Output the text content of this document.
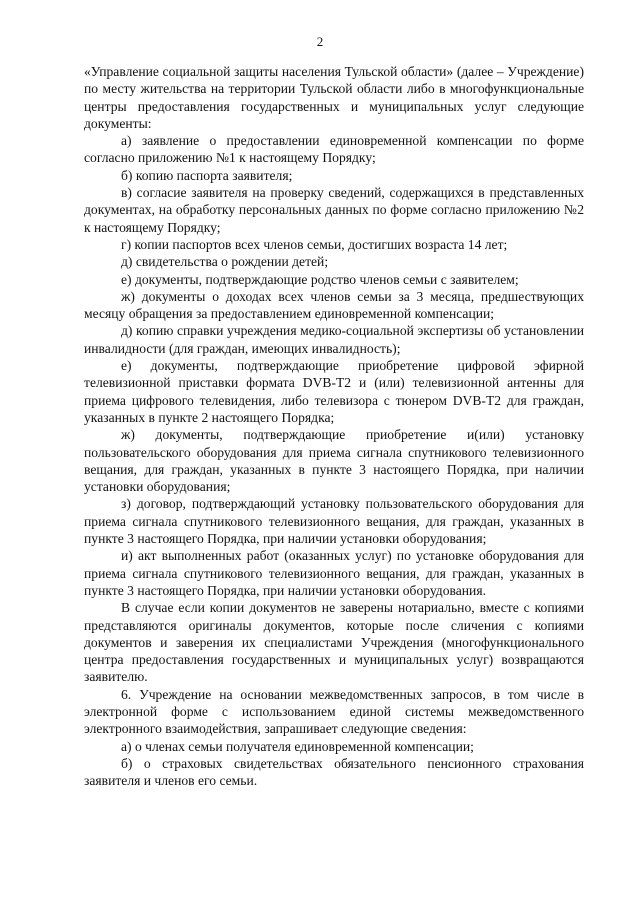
2

«Управление социальной защиты населения Тульской области» (далее – Учреждение) по месту жительства на территории Тульской области либо в многофункциональные центры предоставления государственных и муниципальных услуг следующие документы:

а) заявление о предоставлении единовременной компенсации по форме согласно приложению №1 к настоящему Порядку;

б) копию паспорта заявителя;

в) согласие заявителя на проверку сведений, содержащихся в представленных документах, на обработку персональных данных по форме согласно приложению №2 к настоящему Порядку;

г) копии паспортов всех членов семьи, достигших возраста 14 лет;

д) свидетельства о рождении детей;

е) документы, подтверждающие родство членов семьи с заявителем;

ж) документы о доходах всех членов семьи за 3 месяца, предшествующих месяцу обращения за предоставлением единовременной компенсации;

д) копию справки учреждения медико-социальной экспертизы об установлении инвалидности (для граждан, имеющих инвалидность);

е) документы, подтверждающие приобретение цифровой эфирной телевизионной приставки формата DVB-T2 и (или) телевизионной антенны для приема цифрового телевидения, либо телевизора с тюнером DVB-T2 для граждан, указанных в пункте 2 настоящего Порядка;

ж) документы, подтверждающие приобретение и(или) установку пользовательского оборудования для приема сигнала спутникового телевизионного вещания, для граждан, указанных в пункте 3 настоящего Порядка, при наличии установки оборудования;

з) договор, подтверждающий установку пользовательского оборудования для приема сигнала спутникового телевизионного вещания, для граждан, указанных в пункте 3 настоящего Порядка, при наличии установки оборудования;

и) акт выполненных работ (оказанных услуг) по установке оборудования для приема сигнала спутникового телевизионного вещания, для граждан, указанных в пункте 3 настоящего Порядка, при наличии установки оборудования.

В случае если копии документов не заверены нотариально, вместе с копиями представляются оригиналы документов, которые после сличения с копиями документов и заверения их специалистами Учреждения (многофункционального центра предоставления государственных и муниципальных услуг) возвращаются заявителю.

6. Учреждение на основании межведомственных запросов, в том числе в электронной форме с использованием единой системы межведомственного электронного взаимодействия, запрашивает следующие сведения:

а) о членах семьи получателя единовременной компенсации;

б) о страховых свидетельствах обязательного пенсионного страхования заявителя и членов его семьи.
